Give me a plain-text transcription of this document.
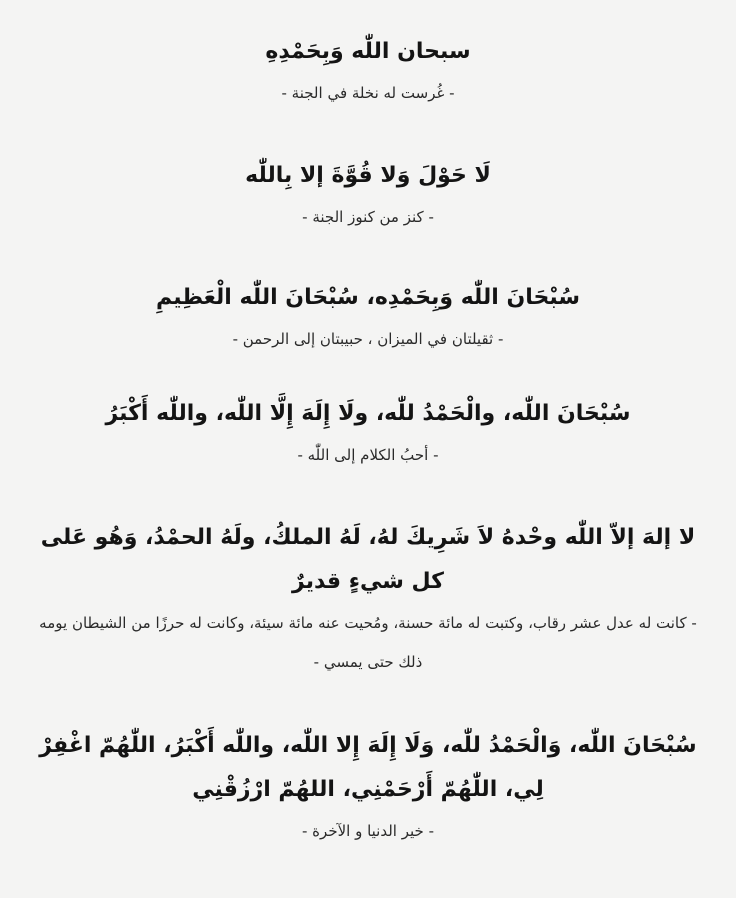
سبحان اللّٰه وَبِحَمْدِهِ

- غُرست له نخلة في الجنة -

لَا حَوْلَ وَلا قُوَّةَ إلا بِاللّٰه

- كنز من كنوز الجنة -

سُبْحَانَ اللّٰه وَبِحَمْدِه، سُبْحَانَ اللّٰه الْعَظِيمِ

- ثقيلتان في الميزان ، حبيبتان إلى الرحمن -

سُبْحَانَ اللّٰه، والْحَمْدُ للّٰه، ولَا إِلَهَ إِلَّا اللّٰه، واللّٰه أَكْبَرُ

- أحبُ الكلام إلى اللّٰه -

لا إلهَ إلاّ اللّٰه وحْدهُ لاَ شَرِيكَ لهُ، لَهُ الملكُ، ولَهُ الحمْدُ، وَهُو عَلى كل شيءٍ قديرٌ

- كانت له عدل عشر رقاب، وكتبت له مائة حسنة، ومُحيت عنه مائة سيئة، وكانت له حرزًا من الشيطان يومه ذلك حتى يمسي -

سُبْحَانَ اللّٰه، وَالْحَمْدُ للّٰه، وَلَا إِلَهَ إِلا اللّٰه، واللّٰه أَكْبَرُ، اللّٰهُمّ اغْفِرْ لِي، اللّٰهُمّ أَرْحَمْنِي، اللهُمّ ارْزُقْنِي

- خير الدنيا و الآخرة -
